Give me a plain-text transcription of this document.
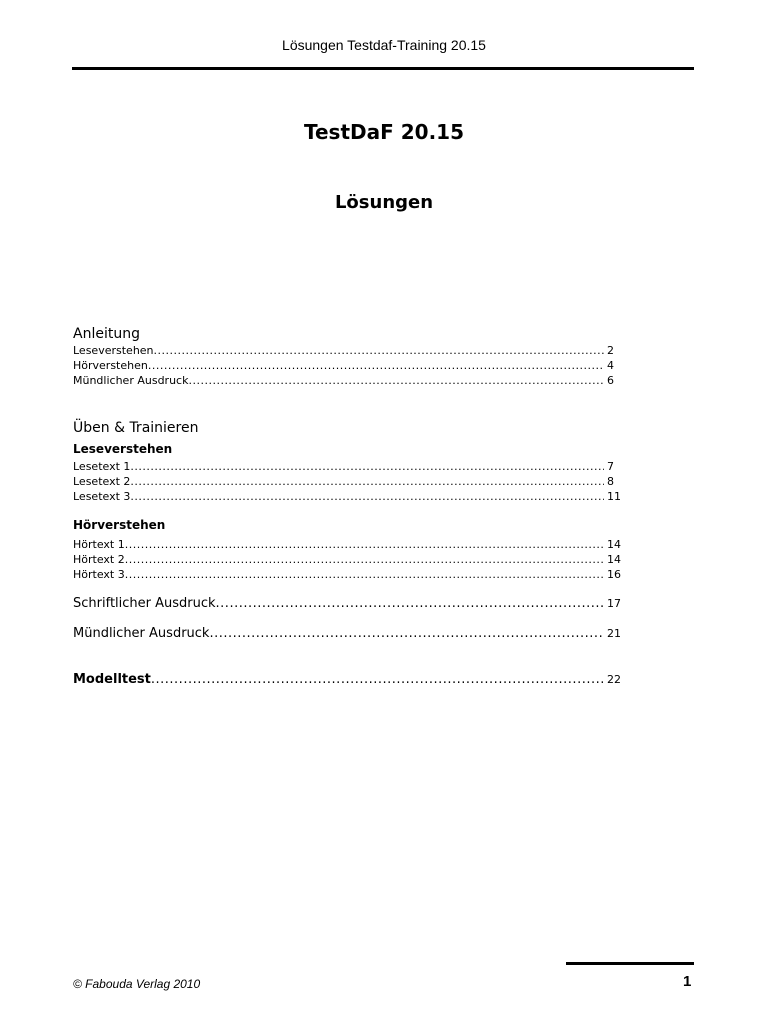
Lösungen Testdaf-Training 20.15
TestDaF 20.15
Lösungen
Anleitung
Leseverstehen .....	2
Hörverstehen .....	4
Mündlicher Ausdruck .....	6
Üben & Trainieren
Leseverstehen
Lesetext 1 .....	7
Lesetext 2 .....	8
Lesetext 3 .....	11
Hörverstehen
Hörtext 1 .....	14
Hörtext 2 .....	14
Hörtext 3 .....	16
Schriftlicher Ausdruck .....	17
Mündlicher Ausdruck .....	21
Modelltest .....	22
© Fabouda Verlag 2010	1
